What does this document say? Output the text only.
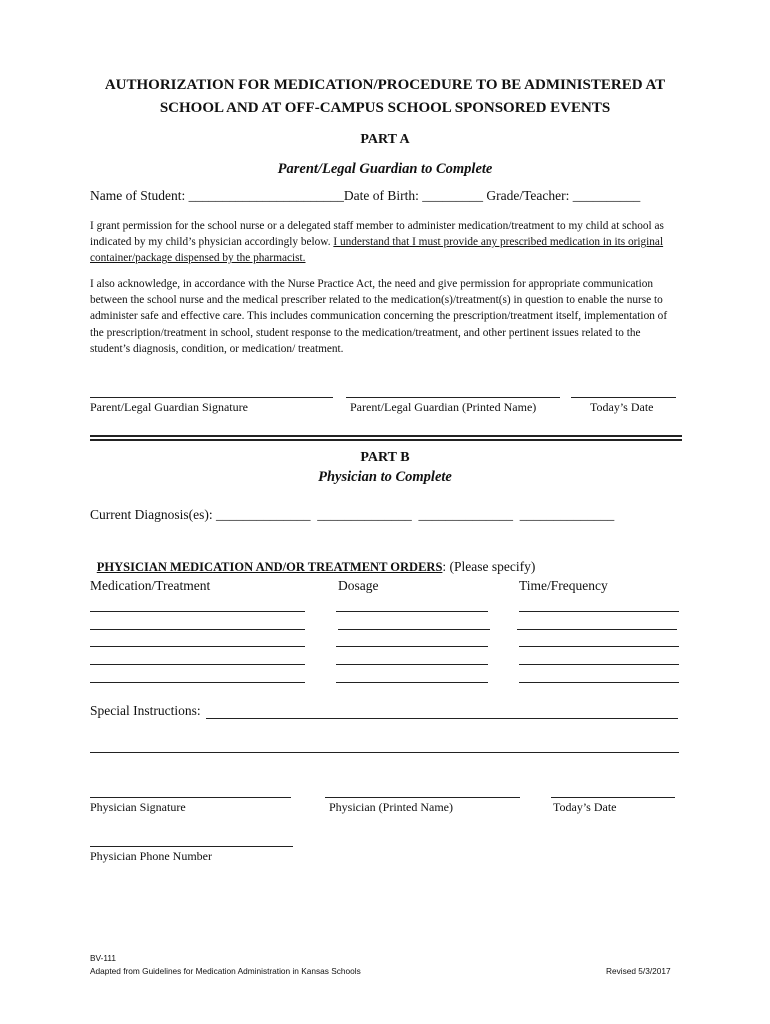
AUTHORIZATION FOR MEDICATION/PROCEDURE TO BE ADMINISTERED AT
SCHOOL AND AT OFF-CAMPUS SCHOOL SPONSORED EVENTS
PART A
Parent/Legal Guardian to Complete
Name of Student: _______________________Date of Birth: _________ Grade/Teacher: __________
I grant permission for the school nurse or a delegated staff member to administer medication/treatment to my child at school as indicated by my child’s physician accordingly below. I understand that I must provide any prescribed medication in its original container/package dispensed by the pharmacist.
I also acknowledge, in accordance with the Nurse Practice Act, the need and give permission for appropriate communication between the school nurse and the medical prescriber related to the medication(s)/treatment(s) in question to enable the nurse to administer safe and effective care. This includes communication concerning the prescription/treatment itself, implementation of the prescription/treatment in school, student response to the medication/treatment, and other pertinent issues related to the student’s diagnosis, condition, or medication/ treatment.
Parent/Legal Guardian Signature	Parent/Legal Guardian (Printed Name)	Today’s Date
PART B
Physician to Complete
Current Diagnosis(es): ______________  ______________  ______________  ______________

PHYSICIAN MEDICATION AND/OR TREATMENT ORDERS: (Please specify)

Medication/Treatment	Dosage	Time/Frequency
Special Instructions:
Physician Signature	Physician (Printed Name)	Today’s Date
Physician Phone Number
BV-111
Adapted from Guidelines for Medication Administration in Kansas Schools	Revised 5/3/2017
